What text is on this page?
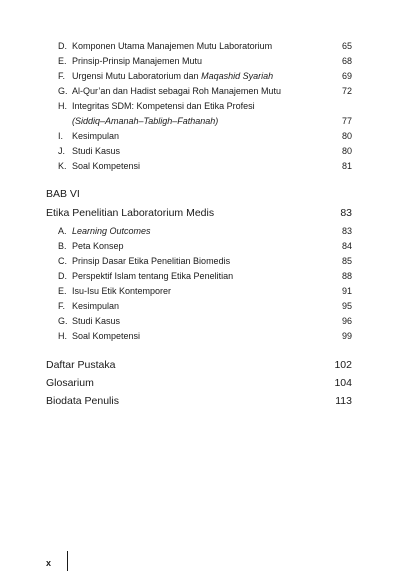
D. Komponen Utama Manajemen Mutu Laboratorium	65
E. Prinsip-Prinsip Manajemen Mutu	68
F. Urgensi Mutu Laboratorium dan Maqashid Syariah	69
G. Al-Qur’an dan Hadist sebagai Roh Manajemen Mutu	72
H. Integritas SDM: Kompetensi dan Etika Profesi
(Siddiq–Amanah–Tabligh–Fathanah)	77
I. Kesimpulan	80
J. Studi Kasus	80
K. Soal Kompetensi	81
BAB VI
Etika Penelitian Laboratorium Medis	83
A. Learning Outcomes	83
B. Peta Konsep	84
C. Prinsip Dasar Etika Penelitian Biomedis	85
D. Perspektif Islam tentang Etika Penelitian	88
E. Isu-Isu Etik Kontemporer	91
F. Kesimpulan	95
G. Studi Kasus	96
H. Soal Kompetensi	99
Daftar Pustaka	102
Glosarium	104
Biodata Penulis	113
x
